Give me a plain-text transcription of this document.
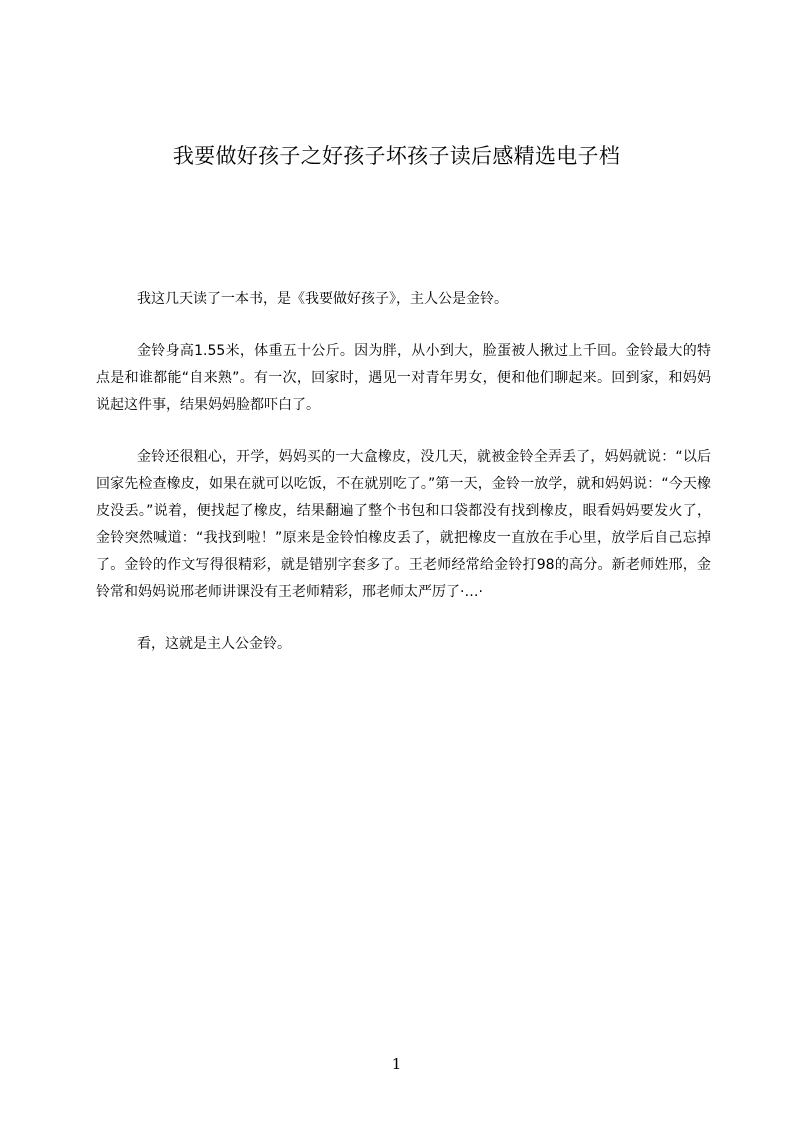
我要做好孩子之好孩子坏孩子读后感精选电子档

我这几天读了一本书，是《我要做好孩子》，主人公是金铃。

金铃身高1.55米，体重五十公斤。因为胖，从小到大，脸蛋被人揪过上千回。金铃最大的特点是和谁都能“自来熟”。有一次，回家时，遇见一对青年男女，便和他们聊起来。回到家，和妈妈说起这件事，结果妈妈脸都吓白了。

金铃还很粗心，开学，妈妈买的一大盒橡皮，没几天，就被金铃全弄丢了，妈妈就说：“以后回家先检查橡皮，如果在就可以吃饭，不在就别吃了。”第一天，金铃一放学，就和妈妈说：“今天橡皮没丢。”说着，便找起了橡皮，结果翻遍了整个书包和口袋都没有找到橡皮，眼看妈妈要发火了，金铃突然喊道：“我找到啦！”原来是金铃怕橡皮丢了，就把橡皮一直放在手心里，放学后自己忘掉了。金铃的作文写得很精彩，就是错别字套多了。王老师经常给金铃打98的高分。新老师姓邢，金铃常和妈妈说邢老师讲课没有王老师精彩，邢老师太严厉了·…·

看，这就是主人公金铃。

1
